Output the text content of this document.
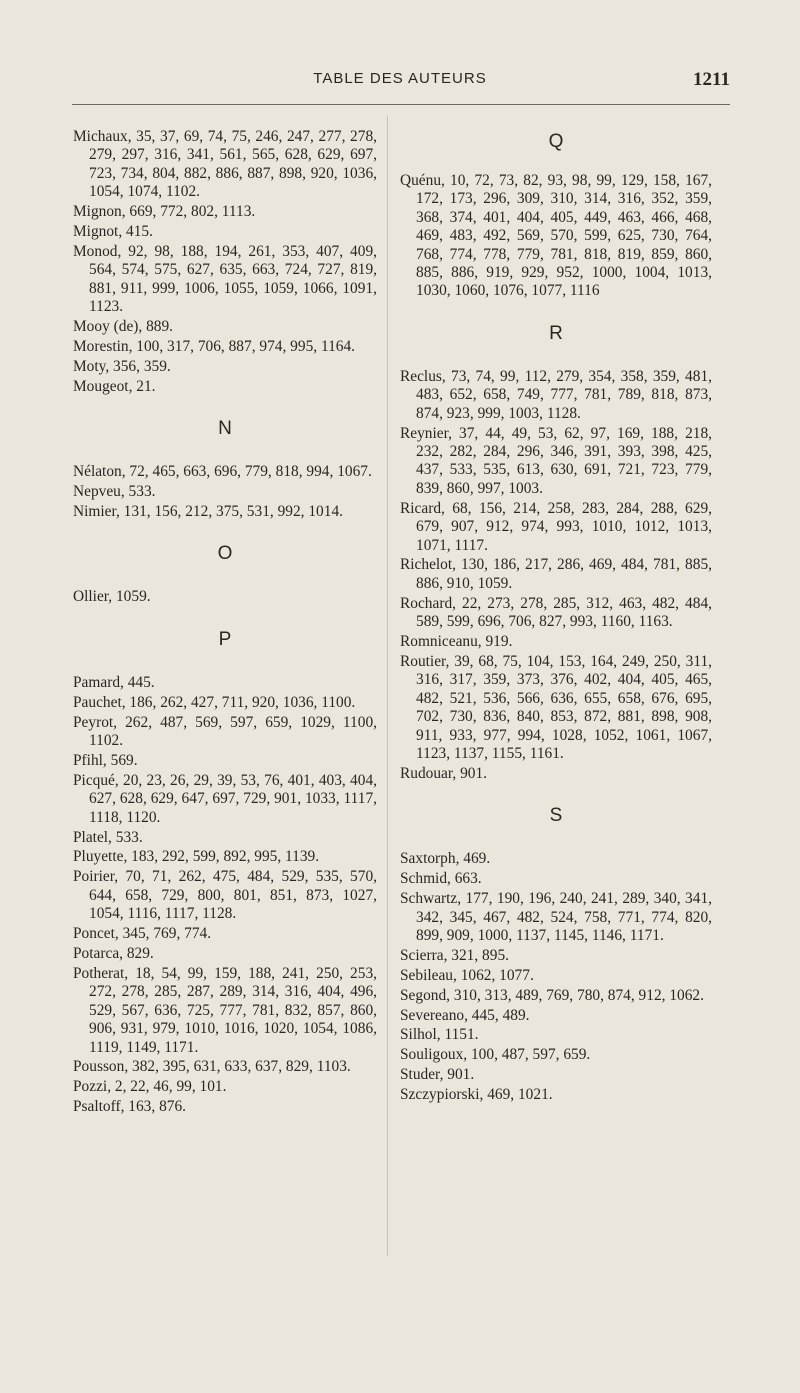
TABLE DES AUTEURS	1211
Michaux, 35, 37, 69, 74, 75, 246, 247, 277, 278, 279, 297, 316, 341, 561, 565, 628, 629, 697, 723, 734, 804, 882, 886, 887, 898, 920, 1036, 1054, 1074, 1102.
Mignon, 669, 772, 802, 1113.
Mignot, 415.
Monod, 92, 98, 188, 194, 261, 353, 407, 409, 564, 574, 575, 627, 635, 663, 724, 727, 819, 881, 911, 999, 1006, 1055, 1059, 1066, 1091, 1123.
Mooy (de), 889.
Morestin, 100, 317, 706, 887, 974, 995, 1164.
Moty, 356, 359.
Mougeot, 21.
N
Nélaton, 72, 465, 663, 696, 779, 818, 994, 1067.
Nepveu, 533.
Nimier, 131, 156, 212, 375, 531, 992, 1014.
O
Ollier, 1059.
P
Pamard, 445.
Pauchet, 186, 262, 427, 711, 920, 1036, 1100.
Peyrot, 262, 487, 569, 597, 659, 1029, 1100, 1102.
Pfihl, 569.
Picqué, 20, 23, 26, 29, 39, 53, 76, 401, 403, 404, 627, 628, 629, 647, 697, 729, 901, 1033, 1117, 1118, 1120.
Platel, 533.
Pluyette, 183, 292, 599, 892, 995, 1139.
Poirier, 70, 71, 262, 475, 484, 529, 535, 570, 644, 658, 729, 800, 801, 851, 873, 1027, 1054, 1116, 1117, 1128.
Poncet, 345, 769, 774.
Potarca, 829.
Potherat, 18, 54, 99, 159, 188, 241, 250, 253, 272, 278, 285, 287, 289, 314, 316, 404, 496, 529, 567, 636, 725, 777, 781, 832, 857, 860, 906, 931, 979, 1010, 1016, 1020, 1054, 1086, 1119, 1149, 1171.
Pousson, 382, 395, 631, 633, 637, 829, 1103.
Pozzi, 2, 22, 46, 99, 101.
Psaltoff, 163, 876.
Q
Quénu, 10, 72, 73, 82, 93, 98, 99, 129, 158, 167, 172, 173, 296, 309, 310, 314, 316, 352, 359, 368, 374, 401, 404, 405, 449, 463, 466, 468, 469, 483, 492, 569, 570, 599, 625, 730, 764, 768, 774, 778, 779, 781, 818, 819, 859, 860, 885, 886, 919, 929, 952, 1000, 1004, 1013, 1030, 1060, 1076, 1077, 1116
R
Reclus, 73, 74, 99, 112, 279, 354, 358, 359, 481, 483, 652, 658, 749, 777, 781, 789, 818, 873, 874, 923, 999, 1003, 1128.
Reynier, 37, 44, 49, 53, 62, 97, 169, 188, 218, 232, 282, 284, 296, 346, 391, 393, 398, 425, 437, 533, 535, 613, 630, 691, 721, 723, 779, 839, 860, 997, 1003.
Ricard, 68, 156, 214, 258, 283, 284, 288, 629, 679, 907, 912, 974, 993, 1010, 1012, 1013, 1071, 1117.
Richelot, 130, 186, 217, 286, 469, 484, 781, 885, 886, 910, 1059.
Rochard, 22, 273, 278, 285, 312, 463, 482, 484, 589, 599, 696, 706, 827, 993, 1160, 1163.
Romniceanu, 919.
Routier, 39, 68, 75, 104, 153, 164, 249, 250, 311, 316, 317, 359, 373, 376, 402, 404, 405, 465, 482, 521, 536, 566, 636, 655, 658, 676, 695, 702, 730, 836, 840, 853, 872, 881, 898, 908, 911, 933, 977, 994, 1028, 1052, 1061, 1067, 1123, 1137, 1155, 1161.
Rudouar, 901.
S
Saxtorph, 469.
Schmid, 663.
Schwartz, 177, 190, 196, 240, 241, 289, 340, 341, 342, 345, 467, 482, 524, 758, 771, 774, 820, 899, 909, 1000, 1137, 1145, 1146, 1171.
Scierra, 321, 895.
Sebileau, 1062, 1077.
Segond, 310, 313, 489, 769, 780, 874, 912, 1062.
Severeano, 445, 489.
Silhol, 1151.
Souligoux, 100, 487, 597, 659.
Studer, 901.
Szczypiorski, 469, 1021.
